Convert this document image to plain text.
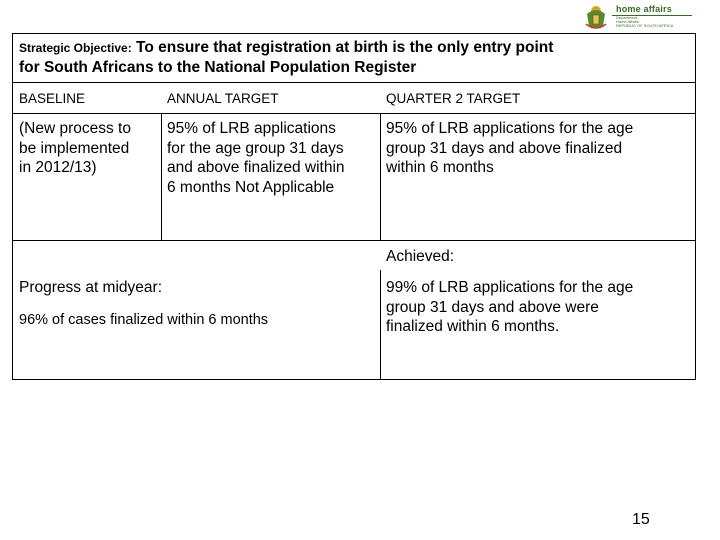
home affairs
Department:
Home Affairs
REPUBLIC OF SOUTH AFRICA
Strategic Objective: To ensure that registration at birth is the only entry point
for South Africans to the National Population Register
BASELINE	ANNUAL TARGET	QUARTER 2 TARGET
(New process to
be implemented
in 2012/13)
95% of LRB applications
for the age group 31 days
and above finalized within
6 months Not Applicable
95% of LRB applications for the age
group 31 days and above finalized
within 6 months
Achieved:
Progress at midyear:
96% of cases finalized within 6 months
99% of LRB applications for the age
group 31 days and above were
finalized within 6 months.
15
